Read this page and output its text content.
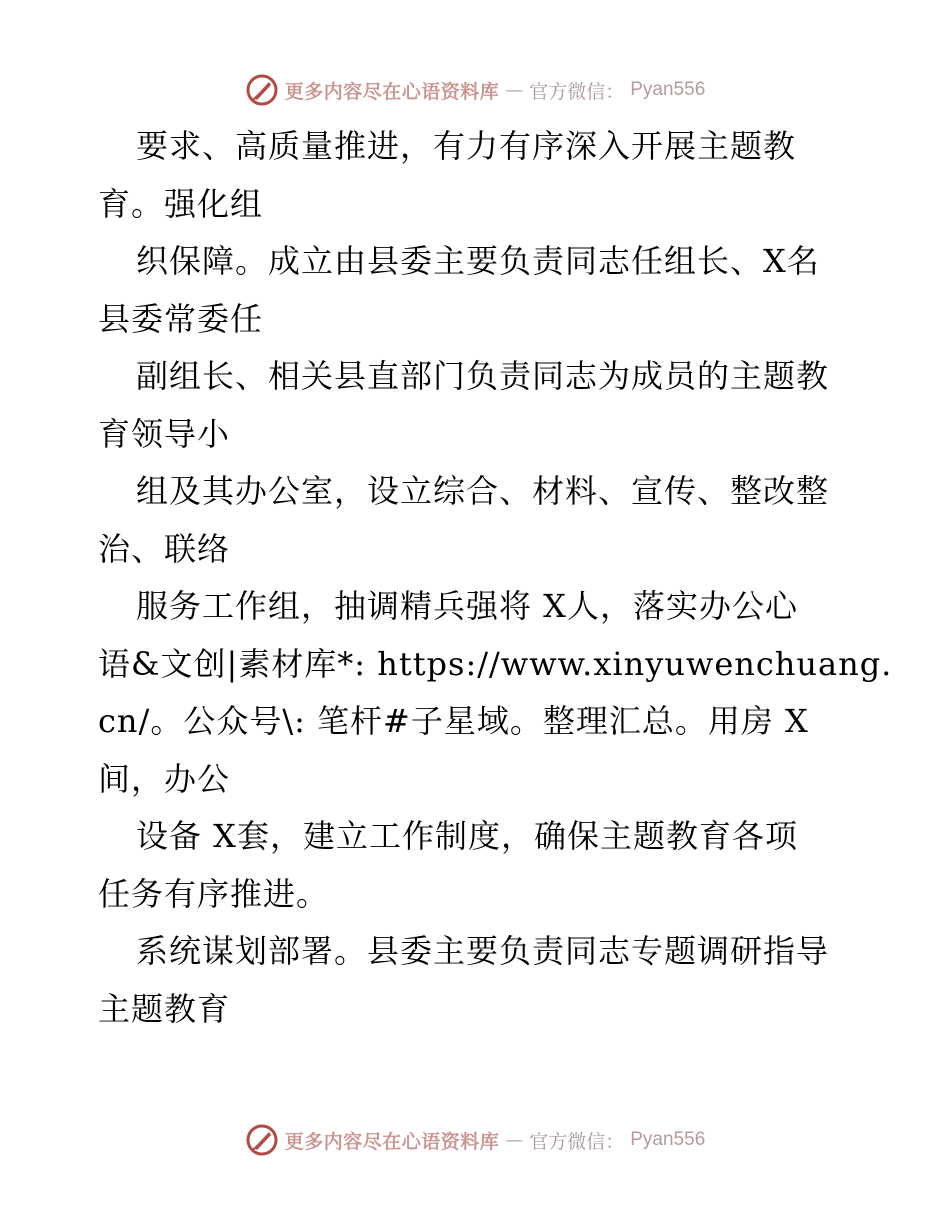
更多内容尽在心语资料库 — 官方微信： Pyan556
要求、高质量推进，有力有序深入开展主题教
育。强化组
织保障。成立由县委主要负责同志任组长、X名
县委常委任
副组长、相关县直部门负责同志为成员的主题教
育领导小
组及其办公室，设立综合、材料、宣传、整改整
治、联络
服务工作组，抽调精兵强将 X人，落实办公心
语&文创|素材库*: https://www.xinyuwenchuang.
cn/。公众号\: 笔杆#子星域。整理汇总。用房 X
间，办公
设备 X套，建立工作制度，确保主题教育各项
任务有序推进。
系统谋划部署。县委主要负责同志专题调研指导
主题教育
更多内容尽在心语资料库 — 官方微信： Pyan556
